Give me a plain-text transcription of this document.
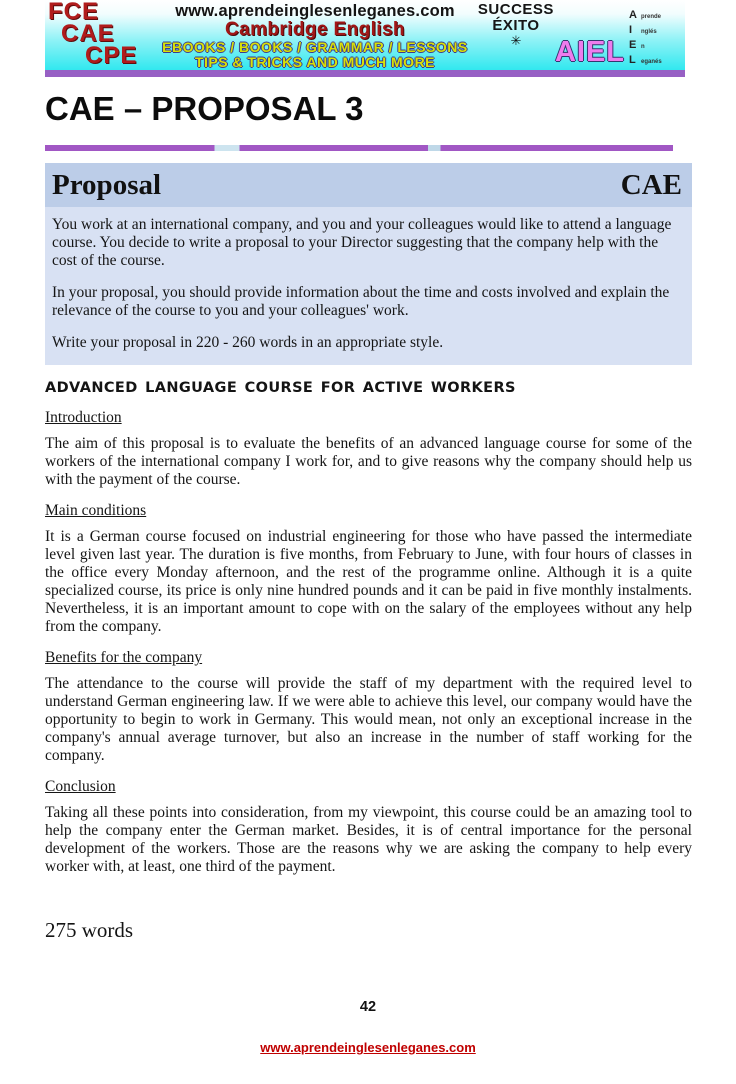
FCE
CAE
CPE
www.aprendeinglesenleganes.com
Cambridge English
EBOOKS / BOOKS / GRAMMAR / LESSONS
TIPS & TRICKS AND MUCH MORE
SUCCESS
ÉXITO
✳	AIEL
A prende
I	nglés
E n
L eganés
CAE – PROPOSAL 3
Proposal	CAE

You work at an international company, and you and your colleagues would like to attend a language course. You decide to write a proposal to your Director suggesting that the company help with the cost of the course.

In your proposal, you should provide information about the time and costs involved and explain the relevance of the course to you and your colleagues' work.

Write your proposal in 220 - 260 words in an appropriate style.

ADVANCED LANGUAGE COURSE FOR ACTIVE WORKERS
Introduction

The aim of this proposal is to evaluate the benefits of an advanced language course for some of the workers of the international company I work for, and to give reasons why the company should help us with the payment of the course.

Main conditions

It is a German course focused on industrial engineering for those who have passed the intermediate level given last year. The duration is five months, from February to June, with four hours of classes in the office every Monday afternoon, and the rest of the programme online. Although it is a quite specialized course, its price is only nine hundred pounds and it can be paid in five monthly instalments. Nevertheless, it is an important amount to cope with on the salary of the employees without any help from the company.

Benefits for the company

The attendance to the course will provide the staff of my department with the required level to understand German engineering law. If we were able to achieve this level, our company would have the opportunity to begin to work in Germany. This would mean, not only an exceptional increase in the company's annual average turnover, but also an increase in the number of staff working for the company.

Conclusion

Taking all these points into consideration, from my viewpoint, this course could be an amazing tool to help the company enter the German market. Besides, it is of central importance for the personal development of the workers. Those are the reasons why we are asking the company to help every worker with, at least, one third of the payment.

275 words

42
www.aprendeinglesenleganes.com
